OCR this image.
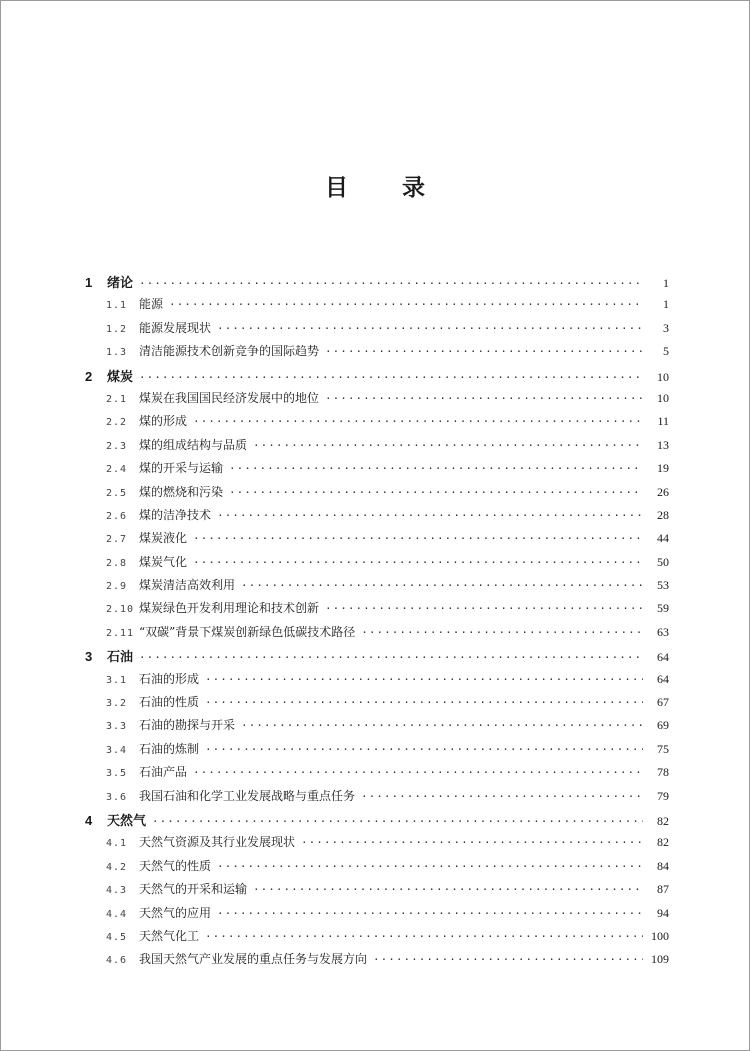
目 录
1	绪论 ·····	1
1.1 能源 ·····	1
1.2 能源发展现状 ·····	3
1.3 清洁能源技术创新竞争的国际趋势 ·····	5
2	煤炭 ·····	10
2.1 煤炭在我国国民经济发展中的地位 ·····	10
2.2 煤的形成 ·····	11
2.3 煤的组成结构与品质 ·····	13
2.4 煤的开采与运输 ·····	19
2.5 煤的燃烧和污染 ·····	26
2.6 煤的洁净技术 ·····	28
2.7 煤炭液化 ·····	44
2.8 煤炭气化 ·····	50
2.9 煤炭清洁高效利用 ·····	53
2.10 煤炭绿色开发利用理论和技术创新 ·····	59
2.11 “双碳”背景下煤炭创新绿色低碳技术路径 ·····	63
3	石油 ·····	64
3.1 石油的形成 ·····	64
3.2 石油的性质 ·····	67
3.3 石油的勘探与开采 ·····	69
3.4 石油的炼制 ·····	75
3.5 石油产品 ·····	78
3.6 我国石油和化学工业发展战略与重点任务 ·····	79
4	天然气 ·····	82
4.1 天然气资源及其行业发展现状 ·····	82
4.2 天然气的性质 ·····	84
4.3 天然气的开采和运输 ·····	87
4.4 天然气的应用 ·····	94
4.5 天然气化工 ·····	100
4.6 我国天然气产业发展的重点任务与发展方向 ·····	109
